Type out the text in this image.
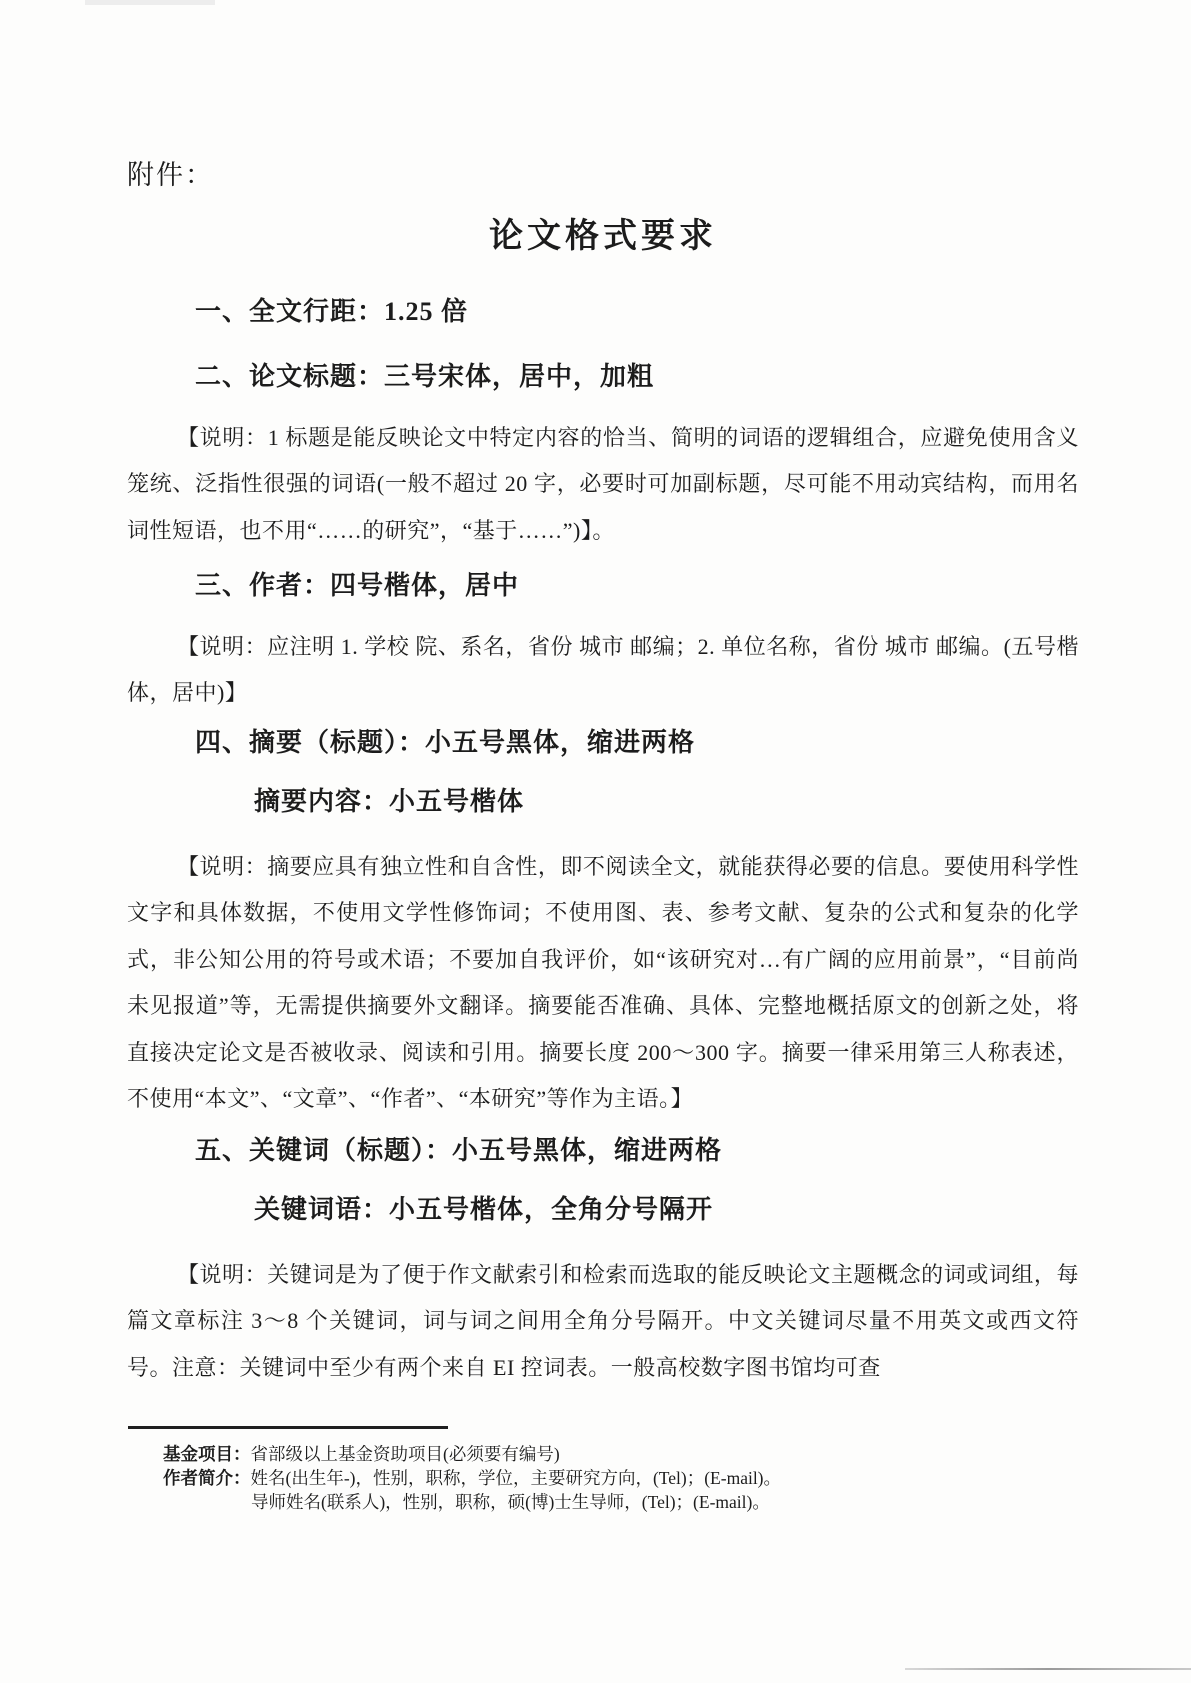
附件：
论文格式要求
一、全文行距：1.25 倍
二、论文标题：三号宋体，居中，加粗

【说明：1 标题是能反映论文中特定内容的恰当、简明的词语的逻辑组合，应避免使用含义笼统、泛指性很强的词语(一般不超过 20 字，必要时可加副标题，尽可能不用动宾结构，而用名词性短语，也不用“……的研究”，“基于……”)】。

三、作者：四号楷体，居中

【说明：应注明 1. 学校 院、系名，省份 城市 邮编；2. 单位名称，省份 城市 邮编。(五号楷体，居中)】

四、摘要（标题）：小五号黑体，缩进两格
摘要内容：小五号楷体

【说明：摘要应具有独立性和自含性，即不阅读全文，就能获得必要的信息。要使用科学性文字和具体数据，不使用文学性修饰词；不使用图、表、参考文献、复杂的公式和复杂的化学式，非公知公用的符号或术语；不要加自我评价，如“该研究对…有广阔的应用前景”，“目前尚未见报道”等，无需提供摘要外文翻译。摘要能否准确、具体、完整地概括原文的创新之处，将直接决定论文是否被收录、阅读和引用。摘要长度 200～300 字。摘要一律采用第三人称表述，不使用“本文”、“文章”、“作者”、“本研究”等作为主语。】

五、关键词（标题）：小五号黑体，缩进两格
关键词语：小五号楷体，全角分号隔开

【说明：关键词是为了便于作文献索引和检索而选取的能反映论文主题概念的词或词组，每篇文章标注 3～8 个关键词，词与词之间用全角分号隔开。中文关键词尽量不用英文或西文符号。注意：关键词中至少有两个来自 EI 控词表。一般高校数字图书馆均可查

基金项目：省部级以上基金资助项目(必须要有编号)
作者简介：姓名(出生年-)，性别，职称，学位，主要研究方向，(Tel)；(E-mail)。
导师姓名(联系人)，性别，职称，硕(博)士生导师，(Tel)；(E-mail)。
